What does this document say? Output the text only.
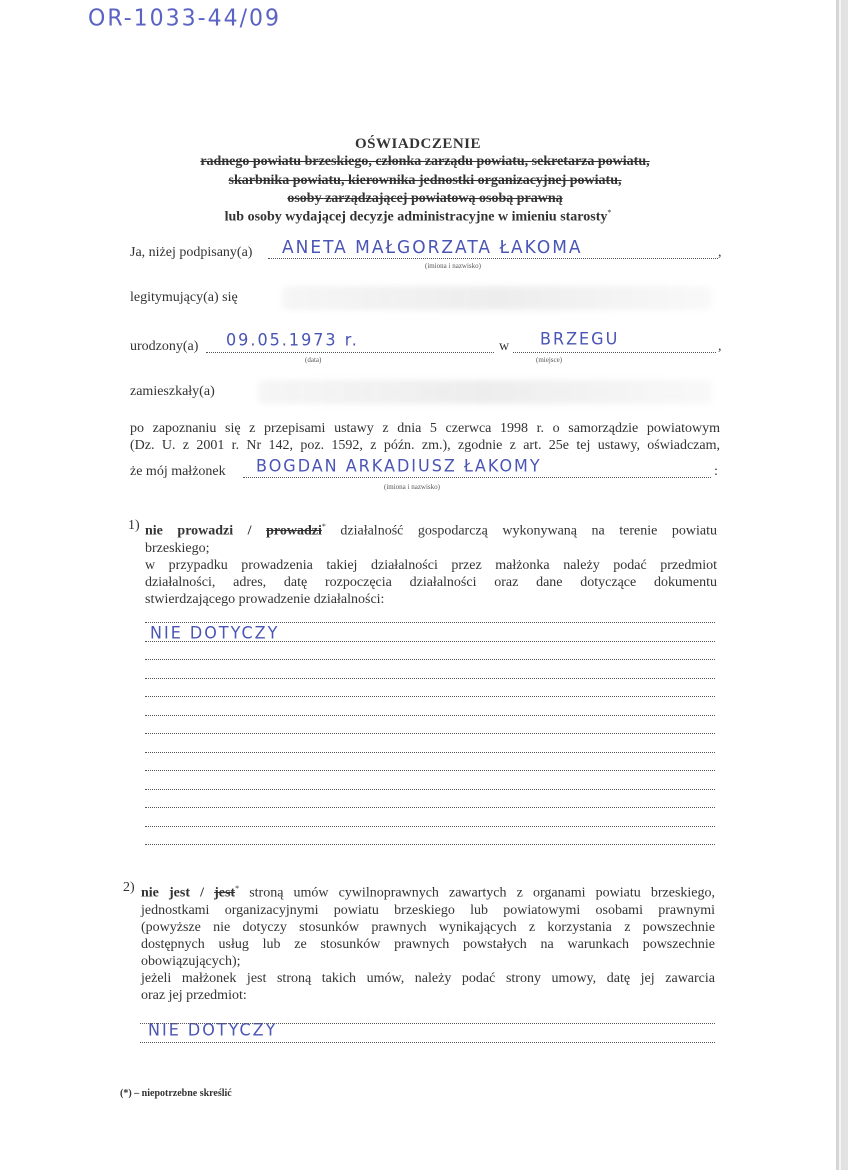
OR-1033-44/09
OŚWIADCZENIE
radnego powiatu brzeskiego, członka zarządu powiatu, sekretarza powiatu,
skarbnika powiatu, kierownika jednostki organizacyjnej powiatu,
osoby zarządzającej powiatową osobą prawną
lub osoby wydającej decyzje administracyjne w imieniu starosty*
Ja, niżej podpisany(a) ANETA MAŁGORZATA ŁAKOMA	,
(imiona i nazwisko)
legitymujący(a) się
urodzony(a) 09.05.1973 r.
(data)
w BRZEGU	,
(miejsce)
zamieszkały(a)
po zapoznaniu się z przepisami ustawy z dnia 5 czerwca 1998 r. o samorządzie powiatowym
(Dz. U. z 2001 r. Nr 142, poz. 1592, z późn. zm.), zgodnie z art. 25e tej ustawy, oświadczam,
że mój małżonek BOGDAN ARKADIUSZ ŁAKOMY	:
(imiona i nazwisko)
1) nie prowadzi / prowadzi* działalność gospodarczą wykonywaną na terenie powiatu
brzeskiego;
w przypadku prowadzenia takiej działalności przez małżonka należy podać przedmiot
działalności, adres, datę rozpoczęcia działalności oraz dane dotyczące dokumentu
stwierdzającego prowadzenie działalności:
NIE DOTYCZY
2) nie jest / jest* stroną umów cywilnoprawnych zawartych z organami powiatu brzeskiego,
jednostkami organizacyjnymi powiatu brzeskiego lub powiatowymi osobami prawnymi
(powyższe nie dotyczy stosunków prawnych wynikających z korzystania z powszechnie
dostępnych usług lub ze stosunków prawnych powstałych na warunkach powszechnie
obowiązujących);
jeżeli małżonek jest stroną takich umów, należy podać strony umowy, datę jej zawarcia
oraz jej przedmiot:
NIE DOTYCZY
(*) – niepotrzebne skreślić
